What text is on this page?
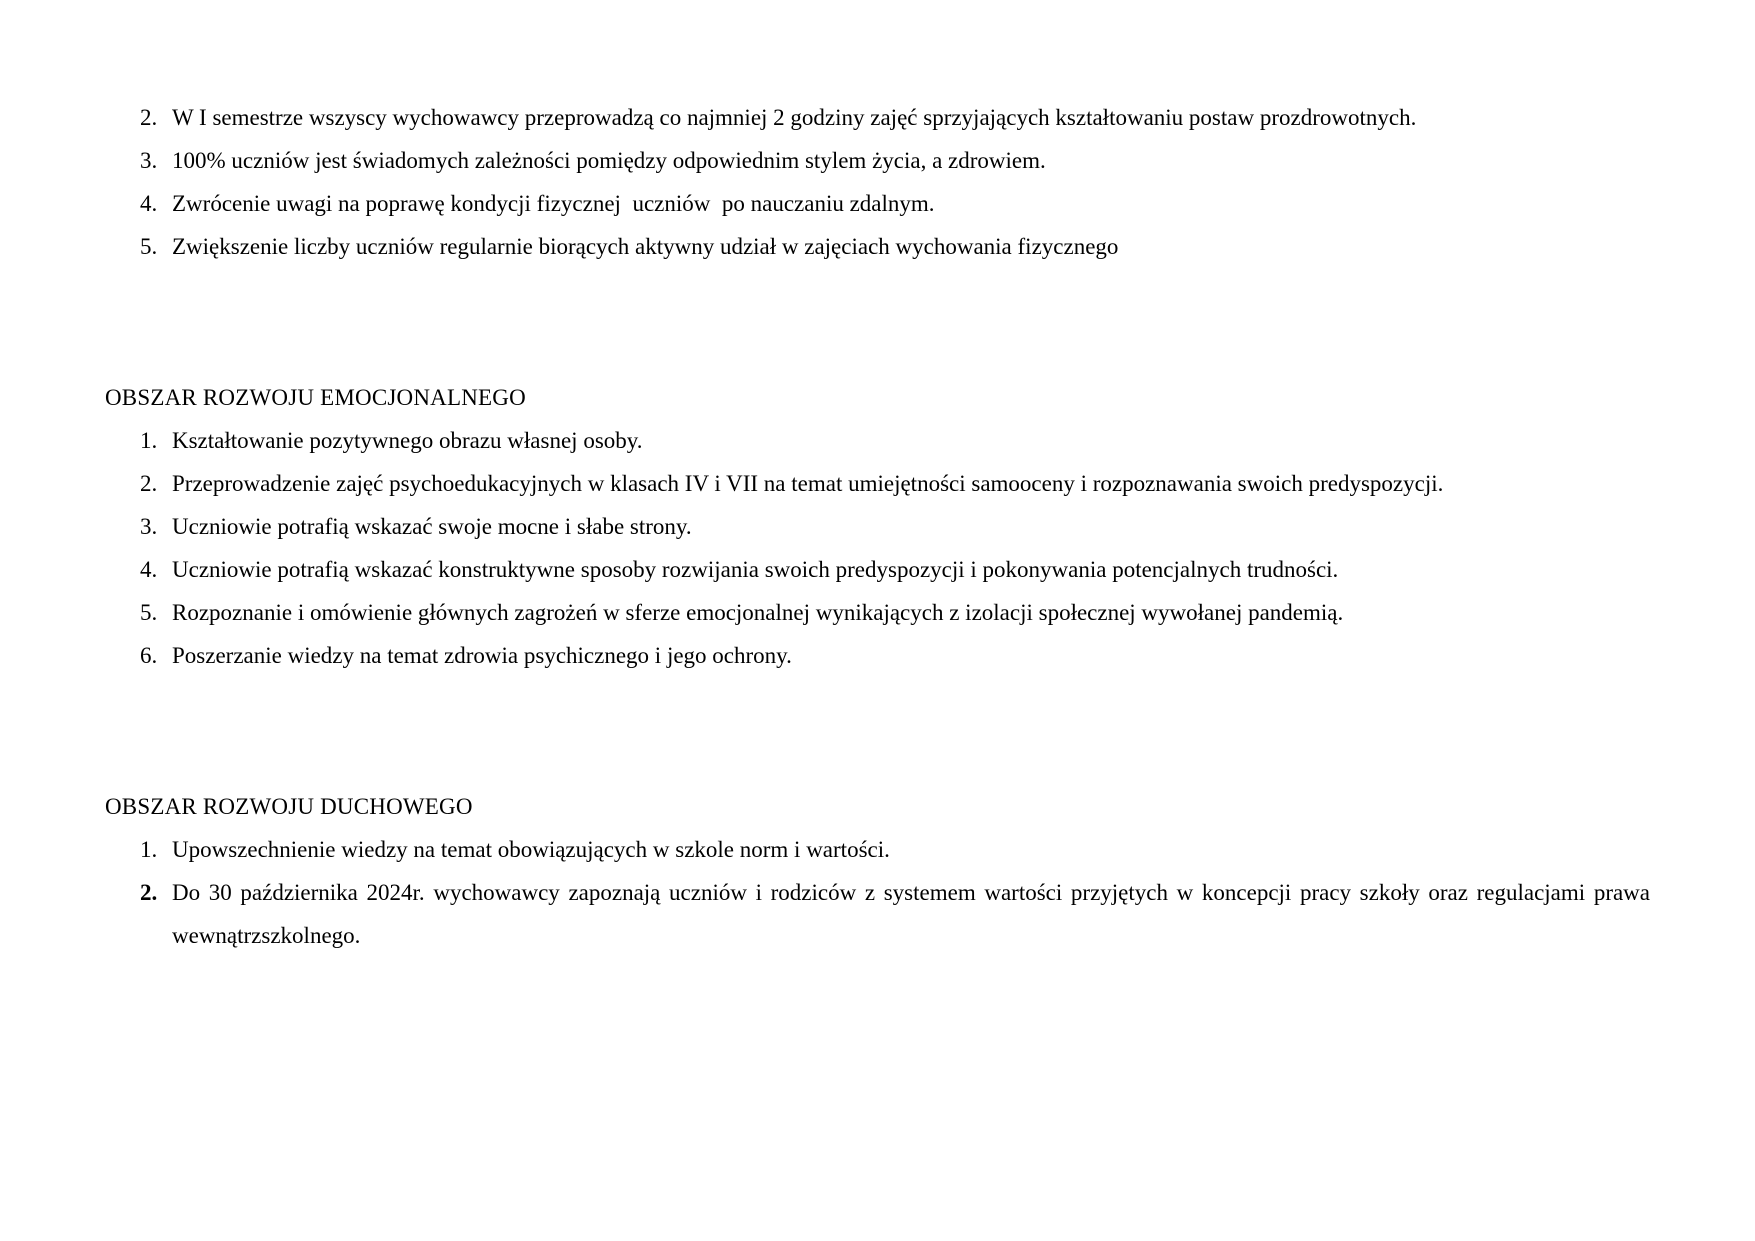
2. W I semestrze wszyscy wychowawcy przeprowadzą co najmniej 2 godziny zajęć sprzyjających kształtowaniu postaw prozdrowotnych.
3. 100% uczniów jest świadomych zależności pomiędzy odpowiednim stylem życia, a zdrowiem.
4. Zwrócenie uwagi na poprawę kondycji fizycznej  uczniów  po nauczaniu zdalnym.
5. Zwiększenie liczby uczniów regularnie biorących aktywny udział w zajęciach wychowania fizycznego
OBSZAR ROZWOJU EMOCJONALNEGO
1. Kształtowanie pozytywnego obrazu własnej osoby.
2. Przeprowadzenie zajęć psychoedukacyjnych w klasach IV i VII na temat umiejętności samooceny i rozpoznawania swoich predyspozycji.
3. Uczniowie potrafią wskazać swoje mocne i słabe strony.
4. Uczniowie potrafią wskazać konstruktywne sposoby rozwijania swoich predyspozycji i pokonywania potencjalnych trudności.
5. Rozpoznanie i omówienie głównych zagrożeń w sferze emocjonalnej wynikających z izolacji społecznej wywołanej pandemią.
6. Poszerzanie wiedzy na temat zdrowia psychicznego i jego ochrony.
OBSZAR ROZWOJU DUCHOWEGO
1. Upowszechnienie wiedzy na temat obowiązujących w szkole norm i wartości.
2. Do 30 października 2024r. wychowawcy zapoznają uczniów i rodziców z systemem wartości przyjętych w koncepcji pracy szkoły oraz regulacjami prawa wewnątrzszkolnego.
